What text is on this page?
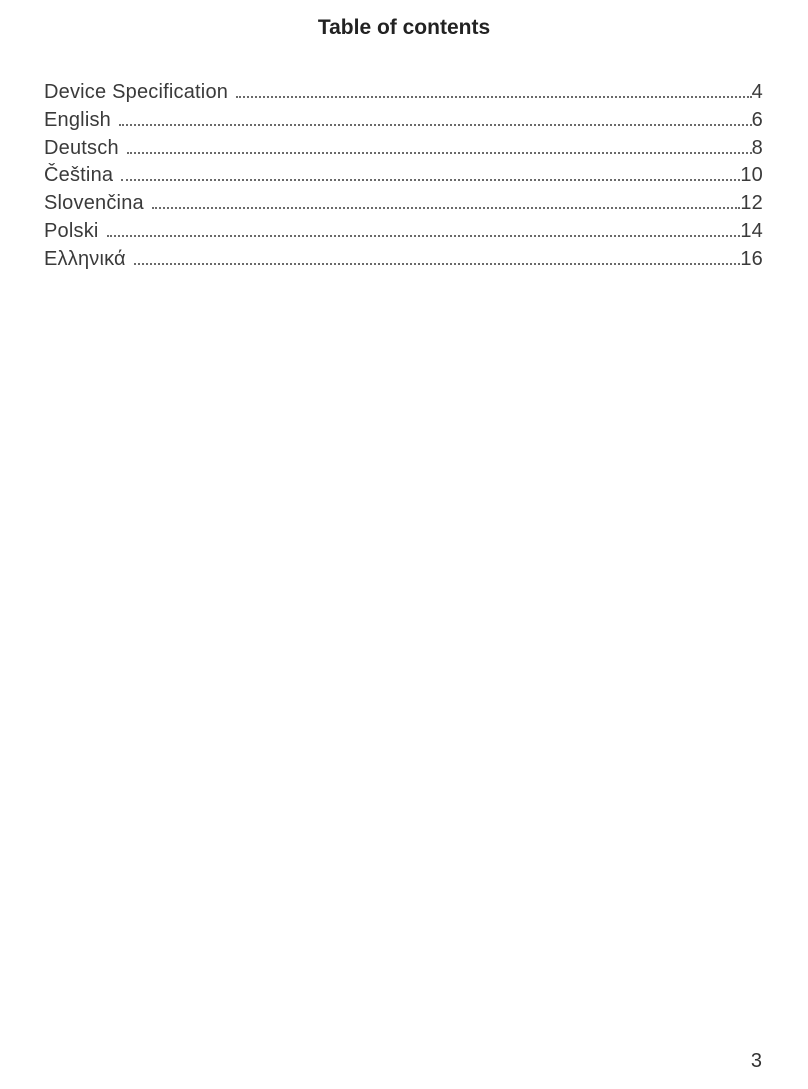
Table of contents
Device Specification	4
English	6
Deutsch	8
Čeština	10
Slovenčina	12
Polski	14
Ελληνικά	16
3
